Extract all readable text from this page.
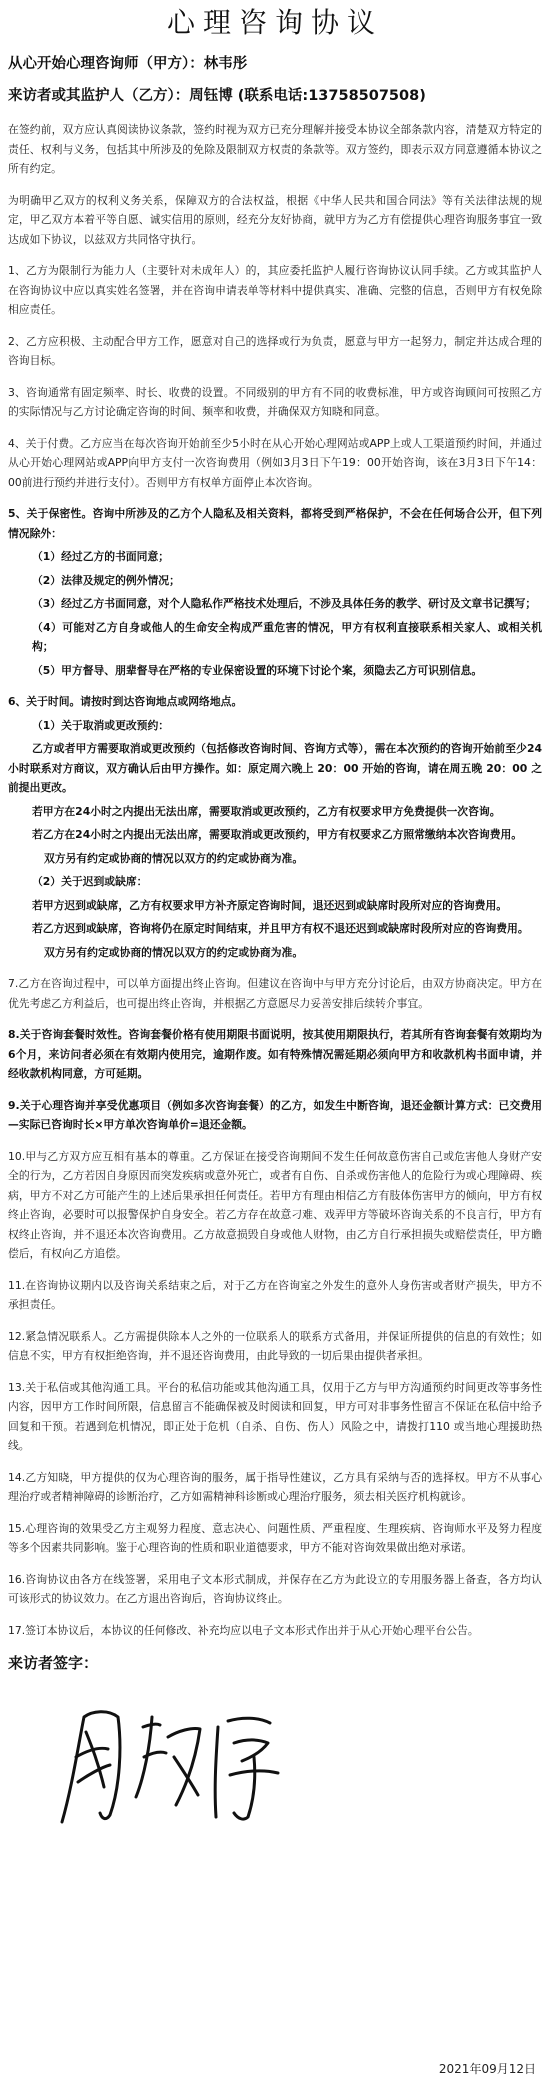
心理咨询协议
从心开始心理咨询师（甲方）：林韦彤
来访者或其监护人（乙方）：周钰博 (联系电话:13758507508)

在签约前，双方应认真阅读协议条款，签约时视为双方已充分理解并接受本协议全部条款内容，清楚双方特定的责任、权利与义务，包括其中所涉及的免除及限制双方权责的条款等。双方签约，即表示双方同意遵循本协议之所有约定。

为明确甲乙双方的权利义务关系，保障双方的合法权益，根据《中华人民共和国合同法》等有关法律法规的规定，甲乙双方本着平等自愿、诚实信用的原则，经充分友好协商，就甲方为乙方有偿提供心理咨询服务事宜一致达成如下协议，以兹双方共同恪守执行。

1、乙方为限制行为能力人（主要针对未成年人）的，其应委托监护人履行咨询协议认同手续。乙方或其监护人在咨询协议中应以真实姓名签署，并在咨询申请表单等材料中提供真实、准确、完整的信息，否则甲方有权免除相应责任。

2、乙方应积极、主动配合甲方工作，愿意对自己的选择或行为负责，愿意与甲方一起努力，制定并达成合理的咨询目标。

3、咨询通常有固定频率、时长、收费的设置。不同级别的甲方有不同的收费标准，甲方或咨询顾问可按照乙方的实际情况与乙方讨论确定咨询的时间、频率和收费，并确保双方知晓和同意。

4、关于付费。乙方应当在每次咨询开始前至少5小时在从心开始心理网站或APP上或人工渠道预约时间，并通过从心开始心理网站或APP向甲方支付一次咨询费用（例如3月3日下午19：00开始咨询，该在3月3日下午14：00前进行预约并进行支付）。否则甲方有权单方面停止本次咨询。

5、关于保密性。咨询中所涉及的乙方个人隐私及相关资料，都将受到严格保护，不会在任何场合公开，但下列情况除外：

（1）经过乙方的书面同意；

（2）法律及规定的例外情况；

（3）经过乙方书面同意，对个人隐私作严格技术处理后，不涉及具体任务的教学、研讨及文章书记撰写；

（4）可能对乙方自身或他人的生命安全构成严重危害的情况，甲方有权利直接联系相关家人、或相关机构；

（5）甲方督导、朋辈督导在严格的专业保密设置的环境下讨论个案，须隐去乙方可识别信息。

6、关于时间。请按时到达咨询地点或网络地点。

（1）关于取消或更改预约：

乙方或者甲方需要取消或更改预约（包括修改咨询时间、咨询方式等），需在本次预约的咨询开始前至少24小时联系对方商议，双方确认后由甲方操作。如：原定周六晚上 20：00 开始的咨询，请在周五晚 20：00 之前提出更改。

若甲方在24小时之内提出无法出席，需要取消或更改预约，乙方有权要求甲方免费提供一次咨询。

若乙方在24小时之内提出无法出席，需要取消或更改预约，甲方有权要求乙方照常缴纳本次咨询费用。

双方另有约定或协商的情况以双方的约定或协商为准。

（2）关于迟到或缺席：

若甲方迟到或缺席，乙方有权要求甲方补齐原定咨询时间，退还迟到或缺席时段所对应的咨询费用。

若乙方迟到或缺席，咨询将仍在原定时间结束，并且甲方有权不退还迟到或缺席时段所对应的咨询费用。

双方另有约定或协商的情况以双方的约定或协商为准。

7.乙方在咨询过程中，可以单方面提出终止咨询。但建议在咨询中与甲方充分讨论后，由双方协商决定。甲方在优先考虑乙方利益后，也可提出终止咨询，并根据乙方意愿尽力妥善安排后续转介事宜。

8.关于咨询套餐时效性。咨询套餐价格有使用期限书面说明，按其使用期限执行，若其所有咨询套餐有效期均为6个月，来访问者必须在有效期内使用完，逾期作废。如有特殊情况需延期必须向甲方和收款机构书面申请，并经收款机构同意，方可延期。

9.关于心理咨询并享受优惠项目（例如多次咨询套餐）的乙方，如发生中断咨询，退还金额计算方式：已交费用—实际已咨询时长×甲方单次咨询单价=退还金额。

10.甲与乙方双方应互相有基本的尊重。乙方保证在接受咨询期间不发生任何故意伤害自己或危害他人身财产安全的行为，乙方若因自身原因而突发疾病或意外死亡，或者有自伤、自杀或伤害他人的危险行为或心理障碍、疾病，甲方不对乙方可能产生的上述后果承担任何责任。若甲方有理由相信乙方有肢体伤害甲方的倾向，甲方有权终止咨询，必要时可以报警保护自身安全。若乙方存在故意刁难、戏弄甲方等破坏咨询关系的不良言行，甲方有权终止咨询，并不退还本次咨询费用。乙方故意损毁自身或他人财物，由乙方自行承担损失或赔偿责任，甲方瞻偿后，有权向乙方追偿。

11.在咨询协议期内以及咨询关系结束之后，对于乙方在咨询室之外发生的意外人身伤害或者财产损失，甲方不承担责任。

12.紧急情况联系人。乙方需提供除本人之外的一位联系人的联系方式备用，并保证所提供的信息的有效性；如信息不实，甲方有权拒绝咨询，并不退还咨询费用，由此导致的一切后果由提供者承担。

13.关于私信或其他沟通工具。平台的私信功能或其他沟通工具，仅用于乙方与甲方沟通预约时间更改等事务性内容，因甲方工作时间所限，信息留言不能确保被及时阅读和回复，甲方可对非事务性留言不保证在私信中给予回复和干预。若遇到危机情况，即正处于危机（自杀、自伤、伤人）风险之中，请拨打110 或当地心理援助热线。

14.乙方知晓，甲方提供的仅为心理咨询的服务，属于指导性建议，乙方具有采纳与否的选择权。甲方不从事心理治疗或者精神障碍的诊断治疗，乙方如需精神科诊断或心理治疗服务，须去相关医疗机构就诊。

15.心理咨询的效果受乙方主观努力程度、意志决心、问题性质、严重程度、生理疾病、咨询师水平及努力程度等多个因素共同影响。鉴于心理咨询的性质和职业道德要求，甲方不能对咨询效果做出绝对承诺。

16.咨询协议由各方在线签署，采用电子文本形式制成，并保存在乙方为此设立的专用服务器上备查，各方均认可该形式的协议效力。在乙方退出咨询后，咨询协议终止。

17.签订本协议后，本协议的任何修改、补充均应以电子文本形式作出并于从心开始心理平台公告。

来访者签字：
2021年09月12日
